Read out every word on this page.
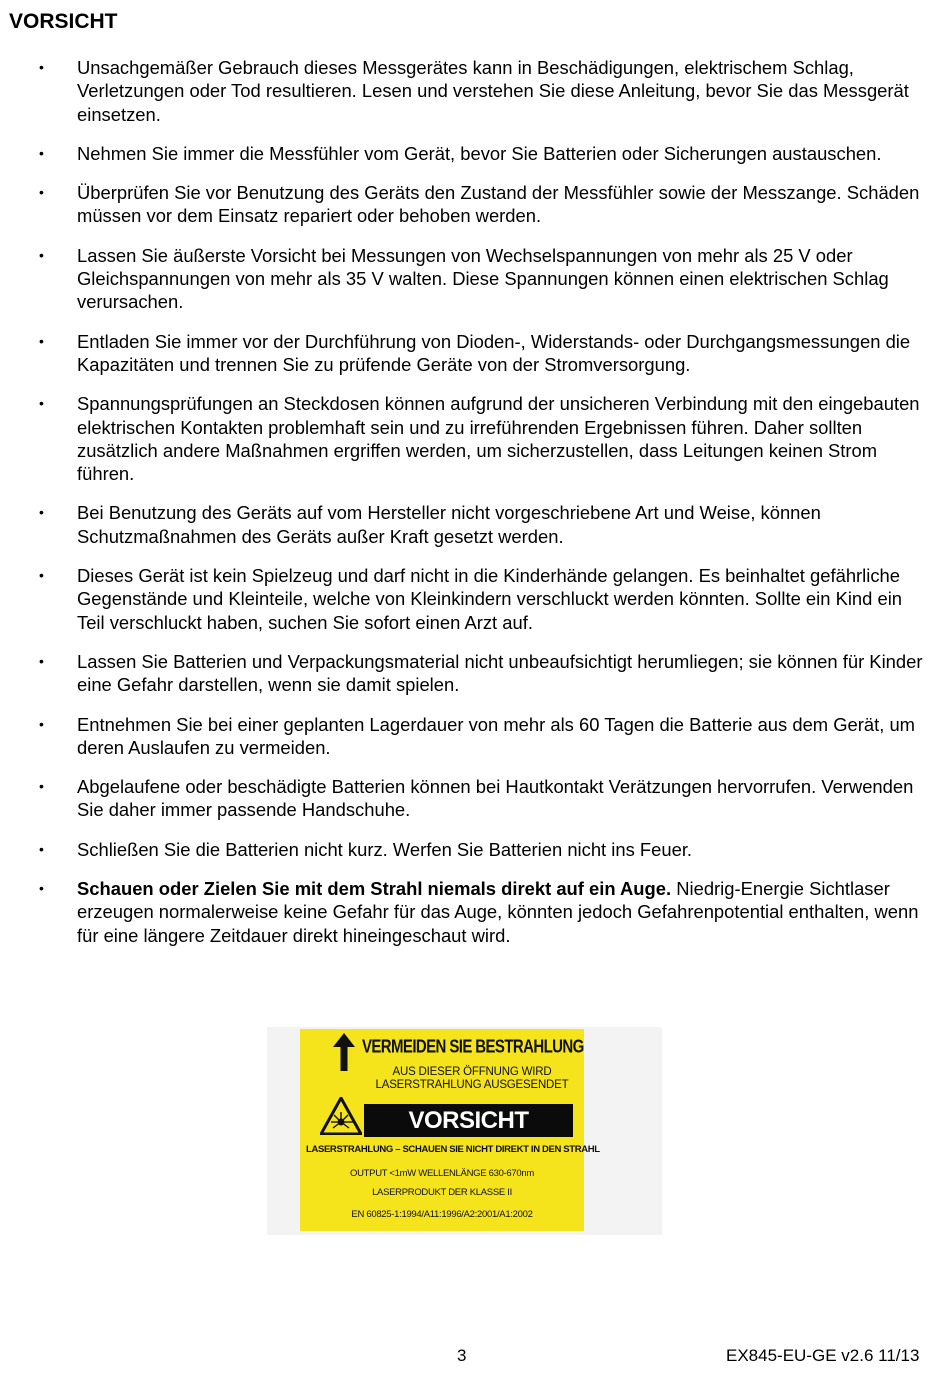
VORSICHT
• Unsachgemäßer Gebrauch dieses Messgerätes kann in Beschädigungen, elektrischem Schlag, Verletzungen oder Tod resultieren. Lesen und verstehen Sie diese Anleitung, bevor Sie das Messgerät einsetzen.
• Nehmen Sie immer die Messfühler vom Gerät, bevor Sie Batterien oder Sicherungen austauschen.
• Überprüfen Sie vor Benutzung des Geräts den Zustand der Messfühler sowie der Messzange. Schäden müssen vor dem Einsatz repariert oder behoben werden.
• Lassen Sie äußerste Vorsicht bei Messungen von Wechselspannungen von mehr als 25 V oder Gleichspannungen von mehr als 35 V walten. Diese Spannungen können einen elektrischen Schlag verursachen.
• Entladen Sie immer vor der Durchführung von Dioden-, Widerstands- oder Durchgangsmessungen die Kapazitäten und trennen Sie zu prüfende Geräte von der Stromversorgung.
• Spannungsprüfungen an Steckdosen können aufgrund der unsicheren Verbindung mit den eingebauten elektrischen Kontakten problemhaft sein und zu irreführenden Ergebnissen führen. Daher sollten zusätzlich andere Maßnahmen ergriffen werden, um sicherzustellen, dass Leitungen keinen Strom führen.
• Bei Benutzung des Geräts auf vom Hersteller nicht vorgeschriebene Art und Weise, können Schutzmaßnahmen des Geräts außer Kraft gesetzt werden.
• Dieses Gerät ist kein Spielzeug und darf nicht in die Kinderhände gelangen. Es beinhaltet gefährliche Gegenstände und Kleinteile, welche von Kleinkindern verschluckt werden könnten. Sollte ein Kind ein Teil verschluckt haben, suchen Sie sofort einen Arzt auf.
• Lassen Sie Batterien und Verpackungsmaterial nicht unbeaufsichtigt herumliegen; sie können für Kinder eine Gefahr darstellen, wenn sie damit spielen.
• Entnehmen Sie bei einer geplanten Lagerdauer von mehr als 60 Tagen die Batterie aus dem Gerät, um deren Auslaufen zu vermeiden.
• Abgelaufene oder beschädigte Batterien können bei Hautkontakt Verätzungen hervorrufen. Verwenden Sie daher immer passende Handschuhe.
• Schließen Sie die Batterien nicht kurz. Werfen Sie Batterien nicht ins Feuer.
• Schauen oder Zielen Sie mit dem Strahl niemals direkt auf ein Auge. Niedrig-Energie Sichtlaser erzeugen normalerweise keine Gefahr für das Auge, könnten jedoch Gefahrenpotential enthalten, wenn für eine längere Zeitdauer direkt hineingeschaut wird.
VERMEIDEN SIE BESTRAHLUNG
AUS DIESER ÖFFNUNG WIRD
LASERSTRAHLUNG AUSGESENDET
VORSICHT
LASERSTRAHLUNG – SCHAUEN SIE NICHT DIREKT IN DEN STRAHL
OUTPUT <1mW WELLENLÄNGE 630-670nm
LASERPRODUKT DER KLASSE II
EN 60825-1:1994/A11:1996/A2:2001/A1:2002
3	EX845-EU-GE v2.6 11/13
